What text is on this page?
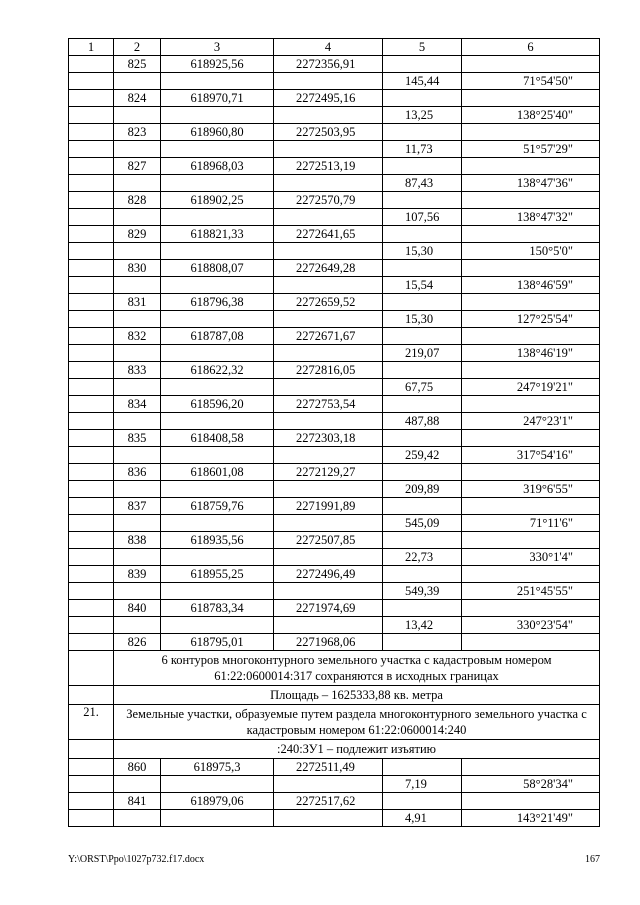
1	2	3	4	5	6
	825	618925,56	2272356,91		
				145,44	71°54'50"
	824	618970,71	2272495,16		
				13,25	138°25'40"
	823	618960,80	2272503,95		
				11,73	51°57'29"
	827	618968,03	2272513,19		
				87,43	138°47'36"
	828	618902,25	2272570,79		
				107,56	138°47'32"
	829	618821,33	2272641,65		
				15,30	150°5'0"
	830	618808,07	2272649,28		
				15,54	138°46'59"
	831	618796,38	2272659,52		
				15,30	127°25'54"
	832	618787,08	2272671,67		
				219,07	138°46'19"
	833	618622,32	2272816,05		
				67,75	247°19'21"
	834	618596,20	2272753,54		
				487,88	247°23'1"
	835	618408,58	2272303,18		
				259,42	317°54'16"
	836	618601,08	2272129,27		
				209,89	319°6'55"
	837	618759,76	2271991,89		
				545,09	71°11'6"
	838	618935,56	2272507,85		
				22,73	330°1'4"
	839	618955,25	2272496,49		
				549,39	251°45'55"
	840	618783,34	2271974,69		
				13,42	330°23'54"
	826	618795,01	2271968,06		
	6 контуров многоконтурного земельного участка с кадастровым номером 61:22:0600014:317 сохраняются в исходных границах				
	Площадь – 1625333,88 кв. метра				
21.	Земельные участки, образуемые путем раздела многоконтурного земельного участка с кадастровым номером 61:22:0600014:240				
	:240:ЗУ1 – подлежит изъятию				
	860	618975,3	2272511,49		
				7,19	58°28'34"
	841	618979,06	2272517,62		
				4,91	143°21'49"
Y:\ORST\Ppo\1027p732.f17.docx	167
